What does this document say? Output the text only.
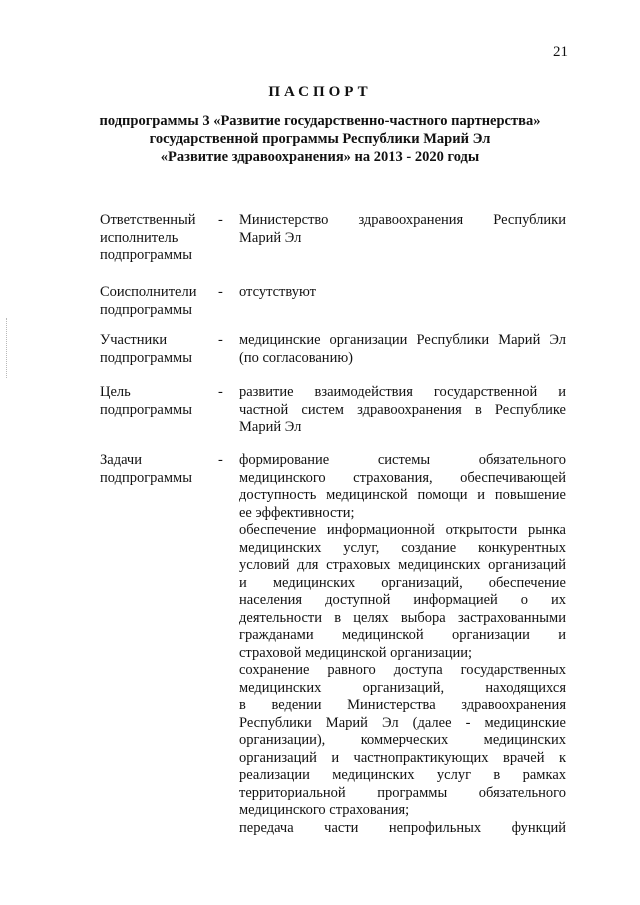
21
ПАСПОРТ
подпрограммы 3 «Развитие государственно-частного партнерства»
государственной программы Республики Марий Эл
«Развитие здравоохранения» на 2013 - 2020 годы
Ответственный
исполнитель
подпрограммы
- Министерство здравоохранения Республики
Марий Эл
Соисполнители
подпрограммы
- отсутствуют
Участники
подпрограммы
- медицинские организации Республики Марий Эл
(по согласованию)
Цель
подпрограммы
- развитие взаимодействия государственной и
частной систем здравоохранения в Республике
Марий Эл
Задачи
подпрограммы
- формирование системы обязательного
медицинского страхования, обеспечивающей
доступность медицинской помощи и повышение
ее эффективности;
обеспечение информационной открытости рынка
медицинских услуг, создание конкурентных
условий для страховых медицинских организаций
и медицинских организаций, обеспечение
населения доступной информацией о их
деятельности в целях выбора застрахованными
гражданами медицинской организации и
страховой медицинской организации;
сохранение равного доступа государственных
медицинских организаций, находящихся
в ведении Министерства здравоохранения
Республики Марий Эл (далее - медицинские
организации), коммерческих медицинских
организаций и частнопрактикующих врачей к
реализации медицинских услуг в рамках
территориальной программы обязательного
медицинского страхования;
передача части непрофильных функций
